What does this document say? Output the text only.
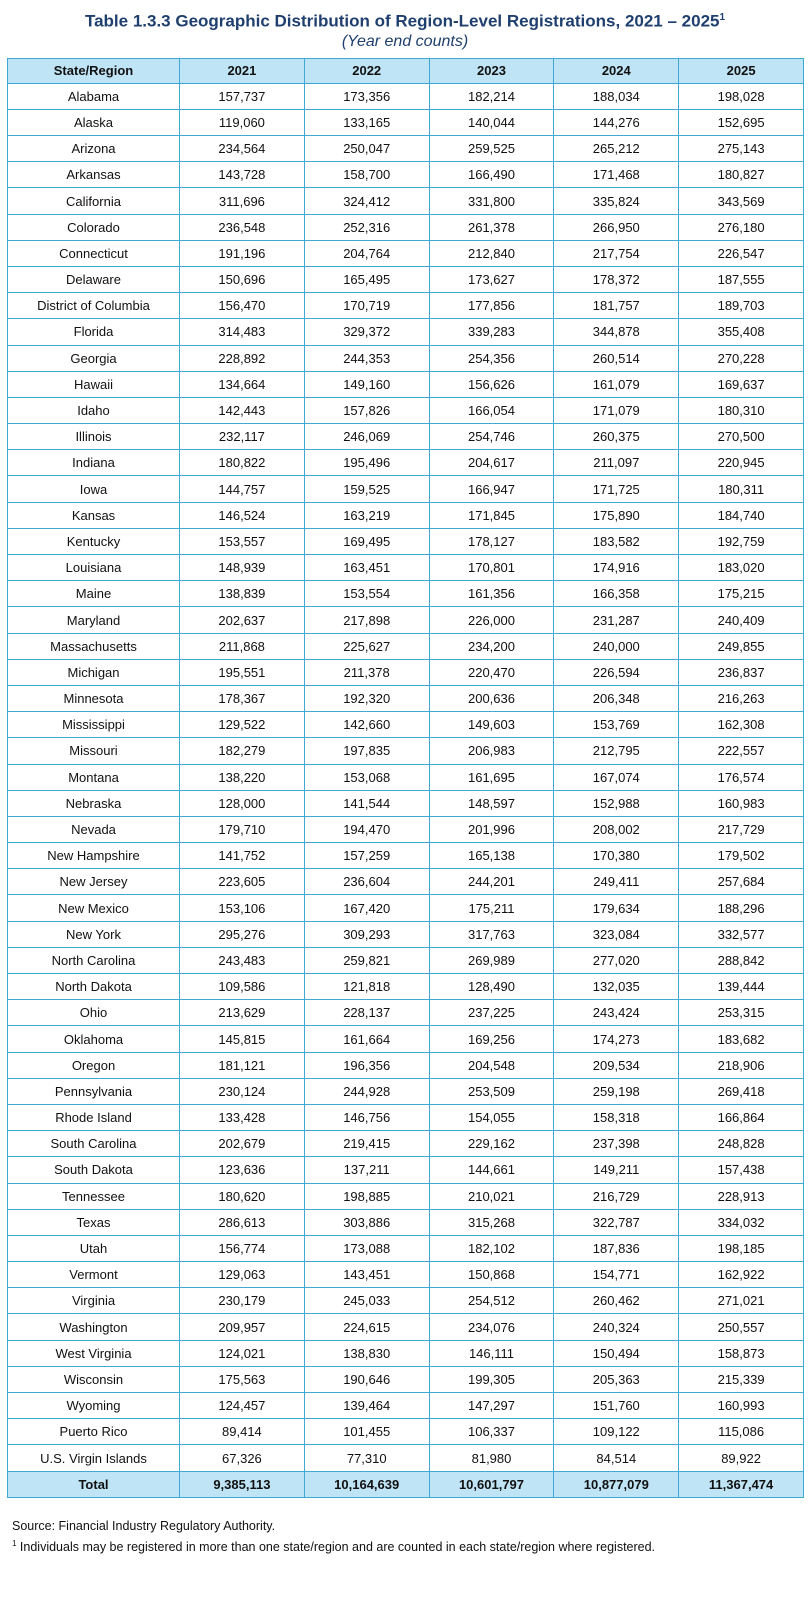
Table 1.3.3 Geographic Distribution of Region-Level Registrations, 2021 – 2025$^1$
(Year end counts)
State/Region	2021	2022	2023	2024	2025
Alabama	157,737	173,356	182,214	188,034	198,028
Alaska	119,060	133,165	140,044	144,276	152,695
Arizona	234,564	250,047	259,525	265,212	275,143
Arkansas	143,728	158,700	166,490	171,468	180,827
California	311,696	324,412	331,800	335,824	343,569
Colorado	236,548	252,316	261,378	266,950	276,180
Connecticut	191,196	204,764	212,840	217,754	226,547
Delaware	150,696	165,495	173,627	178,372	187,555
District of Columbia	156,470	170,719	177,856	181,757	189,703
Florida	314,483	329,372	339,283	344,878	355,408
Georgia	228,892	244,353	254,356	260,514	270,228
Hawaii	134,664	149,160	156,626	161,079	169,637
Idaho	142,443	157,826	166,054	171,079	180,310
Illinois	232,117	246,069	254,746	260,375	270,500
Indiana	180,822	195,496	204,617	211,097	220,945
Iowa	144,757	159,525	166,947	171,725	180,311
Kansas	146,524	163,219	171,845	175,890	184,740
Kentucky	153,557	169,495	178,127	183,582	192,759
Louisiana	148,939	163,451	170,801	174,916	183,020
Maine	138,839	153,554	161,356	166,358	175,215
Maryland	202,637	217,898	226,000	231,287	240,409
Massachusetts	211,868	225,627	234,200	240,000	249,855
Michigan	195,551	211,378	220,470	226,594	236,837
Minnesota	178,367	192,320	200,636	206,348	216,263
Mississippi	129,522	142,660	149,603	153,769	162,308
Missouri	182,279	197,835	206,983	212,795	222,557
Montana	138,220	153,068	161,695	167,074	176,574
Nebraska	128,000	141,544	148,597	152,988	160,983
Nevada	179,710	194,470	201,996	208,002	217,729
New Hampshire	141,752	157,259	165,138	170,380	179,502
New Jersey	223,605	236,604	244,201	249,411	257,684
New Mexico	153,106	167,420	175,211	179,634	188,296
New York	295,276	309,293	317,763	323,084	332,577
North Carolina	243,483	259,821	269,989	277,020	288,842
North Dakota	109,586	121,818	128,490	132,035	139,444
Ohio	213,629	228,137	237,225	243,424	253,315
Oklahoma	145,815	161,664	169,256	174,273	183,682
Oregon	181,121	196,356	204,548	209,534	218,906
Pennsylvania	230,124	244,928	253,509	259,198	269,418
Rhode Island	133,428	146,756	154,055	158,318	166,864
South Carolina	202,679	219,415	229,162	237,398	248,828
South Dakota	123,636	137,211	144,661	149,211	157,438
Tennessee	180,620	198,885	210,021	216,729	228,913
Texas	286,613	303,886	315,268	322,787	334,032
Utah	156,774	173,088	182,102	187,836	198,185
Vermont	129,063	143,451	150,868	154,771	162,922
Virginia	230,179	245,033	254,512	260,462	271,021
Washington	209,957	224,615	234,076	240,324	250,557
West Virginia	124,021	138,830	146,111	150,494	158,873
Wisconsin	175,563	190,646	199,305	205,363	215,339
Wyoming	124,457	139,464	147,297	151,760	160,993
Puerto Rico	89,414	101,455	106,337	109,122	115,086
U.S. Virgin Islands	67,326	77,310	81,980	84,514	89,922
Total	9,385,113	10,164,639	10,601,797	10,877,079	11,367,474
Source: Financial Industry Regulatory Authority.
$^1$ Individuals may be registered in more than one state/region and are counted in each state/region where registered.
